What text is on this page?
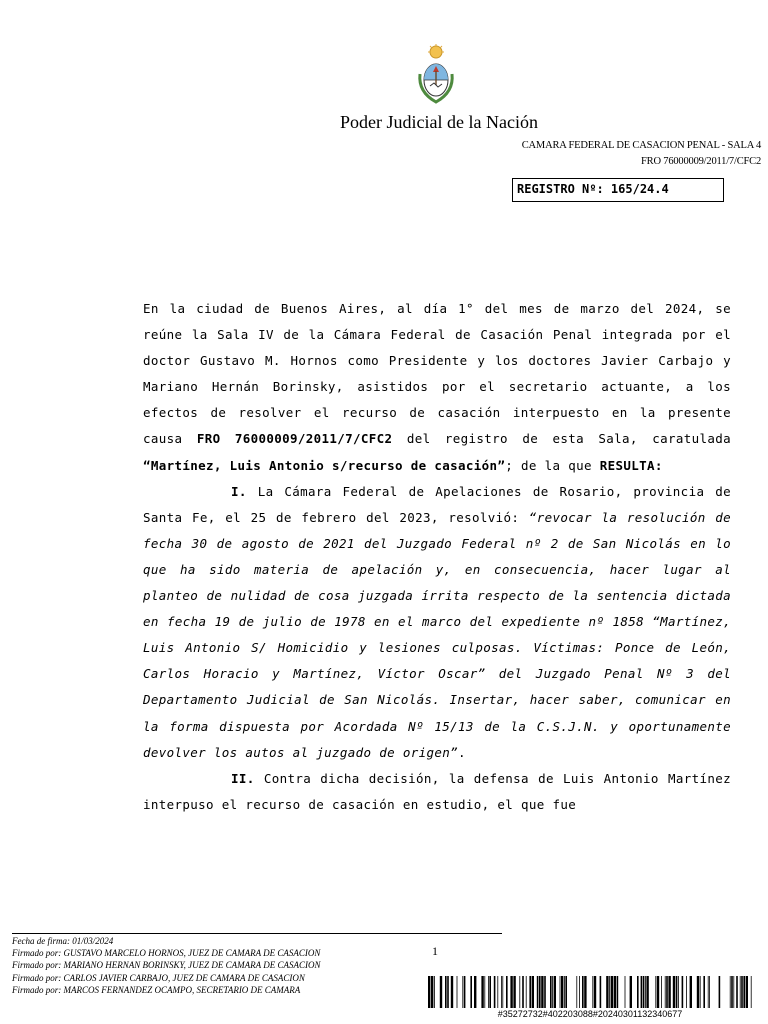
Poder Judicial de la Nación
CAMARA FEDERAL DE CASACION PENAL - SALA 4
FRO 76000009/2011/7/CFC2
REGISTRO Nº: 165/24.4

En la ciudad de Buenos Aires, al día 1° del mes de marzo del 2024, se reúne la Sala IV de la Cámara Federal de Casación Penal integrada por el doctor Gustavo M. Hornos como Presidente y los doctores Javier Carbajo y Mariano Hernán Borinsky, asistidos por el secretario actuante, a los efectos de resolver el recurso de casación interpuesto en la presente causa FRO 76000009/2011/7/CFC2 del registro de esta Sala, caratulada “Martínez, Luis Antonio s/recurso de casación”; de la que RESULTA:

I. La Cámara Federal de Apelaciones de Rosario, provincia de Santa Fe, el 25 de febrero del 2023, resolvió: “revocar la resolución de fecha 30 de agosto de 2021 del Juzgado Federal nº 2 de San Nicolás en lo que ha sido materia de apelación y, en consecuencia, hacer lugar al planteo de nulidad de cosa juzgada írrita respecto de la sentencia dictada en fecha 19 de julio de 1978 en el marco del expediente nº 1858 “Martínez, Luis Antonio S/ Homicidio y lesiones culposas. Víctimas: Ponce de León, Carlos Horacio y Martínez, Víctor Oscar” del Juzgado Penal Nº 3 del Departamento Judicial de San Nicolás. Insertar, hacer saber, comunicar en la forma dispuesta por Acordada Nº 15/13 de la C.S.J.N. y oportunamente devolver los autos al juzgado de origen”.

II. Contra dicha decisión, la defensa de Luis Antonio Martínez interpuso el recurso de casación en estudio, el que fue

Fecha de firma: 01/03/2024
Firmado por: GUSTAVO MARCELO HORNOS, JUEZ DE CAMARA DE CASACION
Firmado por: MARIANO HERNAN BORINSKY, JUEZ DE CAMARA DE CASACION
Firmado por: CARLOS JAVIER CARBAJO, JUEZ DE CAMARA DE CASACION
Firmado por: MARCOS FERNANDEZ OCAMPO, SECRETARIO DE CAMARA
1
#35272732#402203088#20240301132340677
